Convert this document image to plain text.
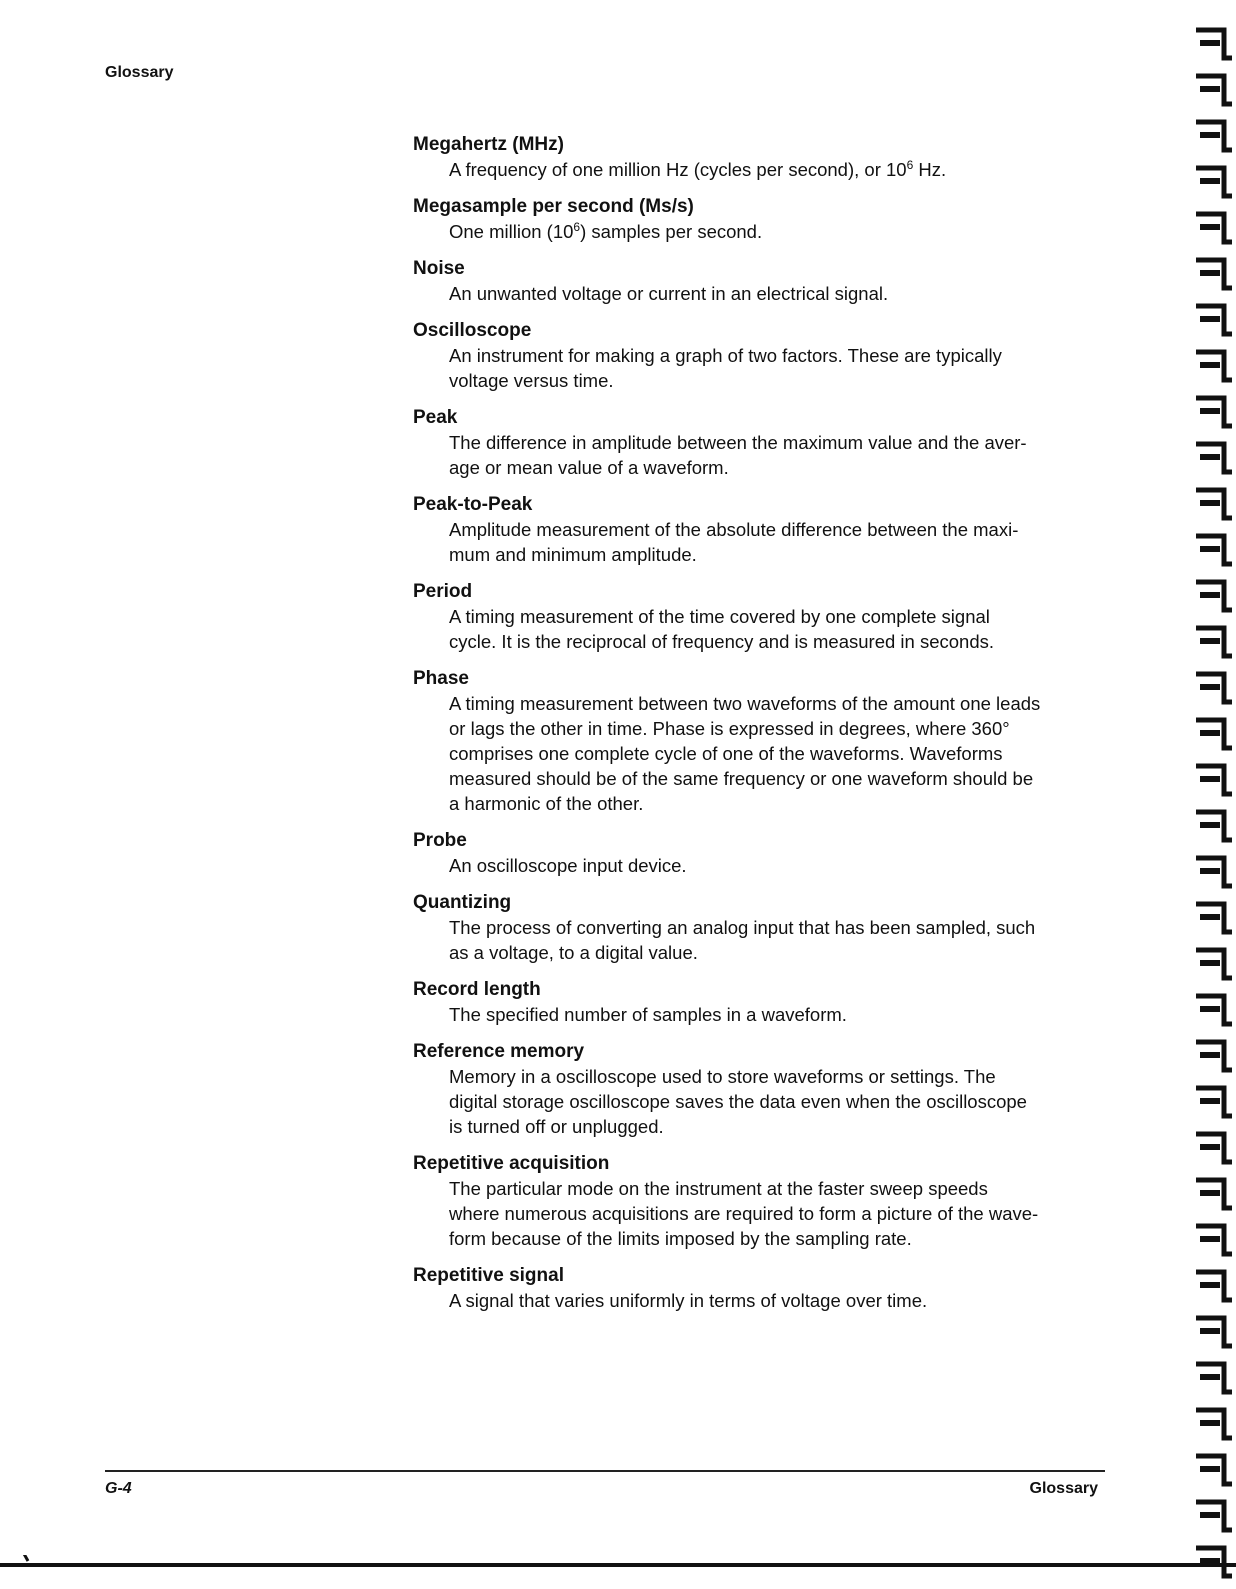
Glossary
Megahertz (MHz)
A frequency of one million Hz (cycles per second), or $10^6$ Hz.
Megasample per second (Ms/s)
One million $(10^6)$ samples per second.
Noise
An unwanted voltage or current in an electrical signal.
Oscilloscope
An instrument for making a graph of two factors. These are typically
voltage versus time.
Peak
The difference in amplitude between the maximum value and the aver-
age or mean value of a waveform.
Peak-to-Peak
Amplitude measurement of the absolute difference between the maxi-
mum and minimum amplitude.
Period
A timing measurement of the time covered by one complete signal
cycle. It is the reciprocal of frequency and is measured in seconds.
Phase
A timing measurement between two waveforms of the amount one leads
or lags the other in time. Phase is expressed in degrees, where 360°
comprises one complete cycle of one of the waveforms. Waveforms
measured should be of the same frequency or one waveform should be
a harmonic of the other.
Probe
An oscilloscope input device.
Quantizing
The process of converting an analog input that has been sampled, such
as a voltage, to a digital value.
Record length
The specified number of samples in a waveform.
Reference memory
Memory in a oscilloscope used to store waveforms or settings. The
digital storage oscilloscope saves the data even when the oscilloscope
is turned off or unplugged.
Repetitive acquisition
The particular mode on the instrument at the faster sweep speeds
where numerous acquisitions are required to form a picture of the wave-
form because of the limits imposed by the sampling rate.
Repetitive signal
A signal that varies uniformly in terms of voltage over time.
G-4	Glossary
